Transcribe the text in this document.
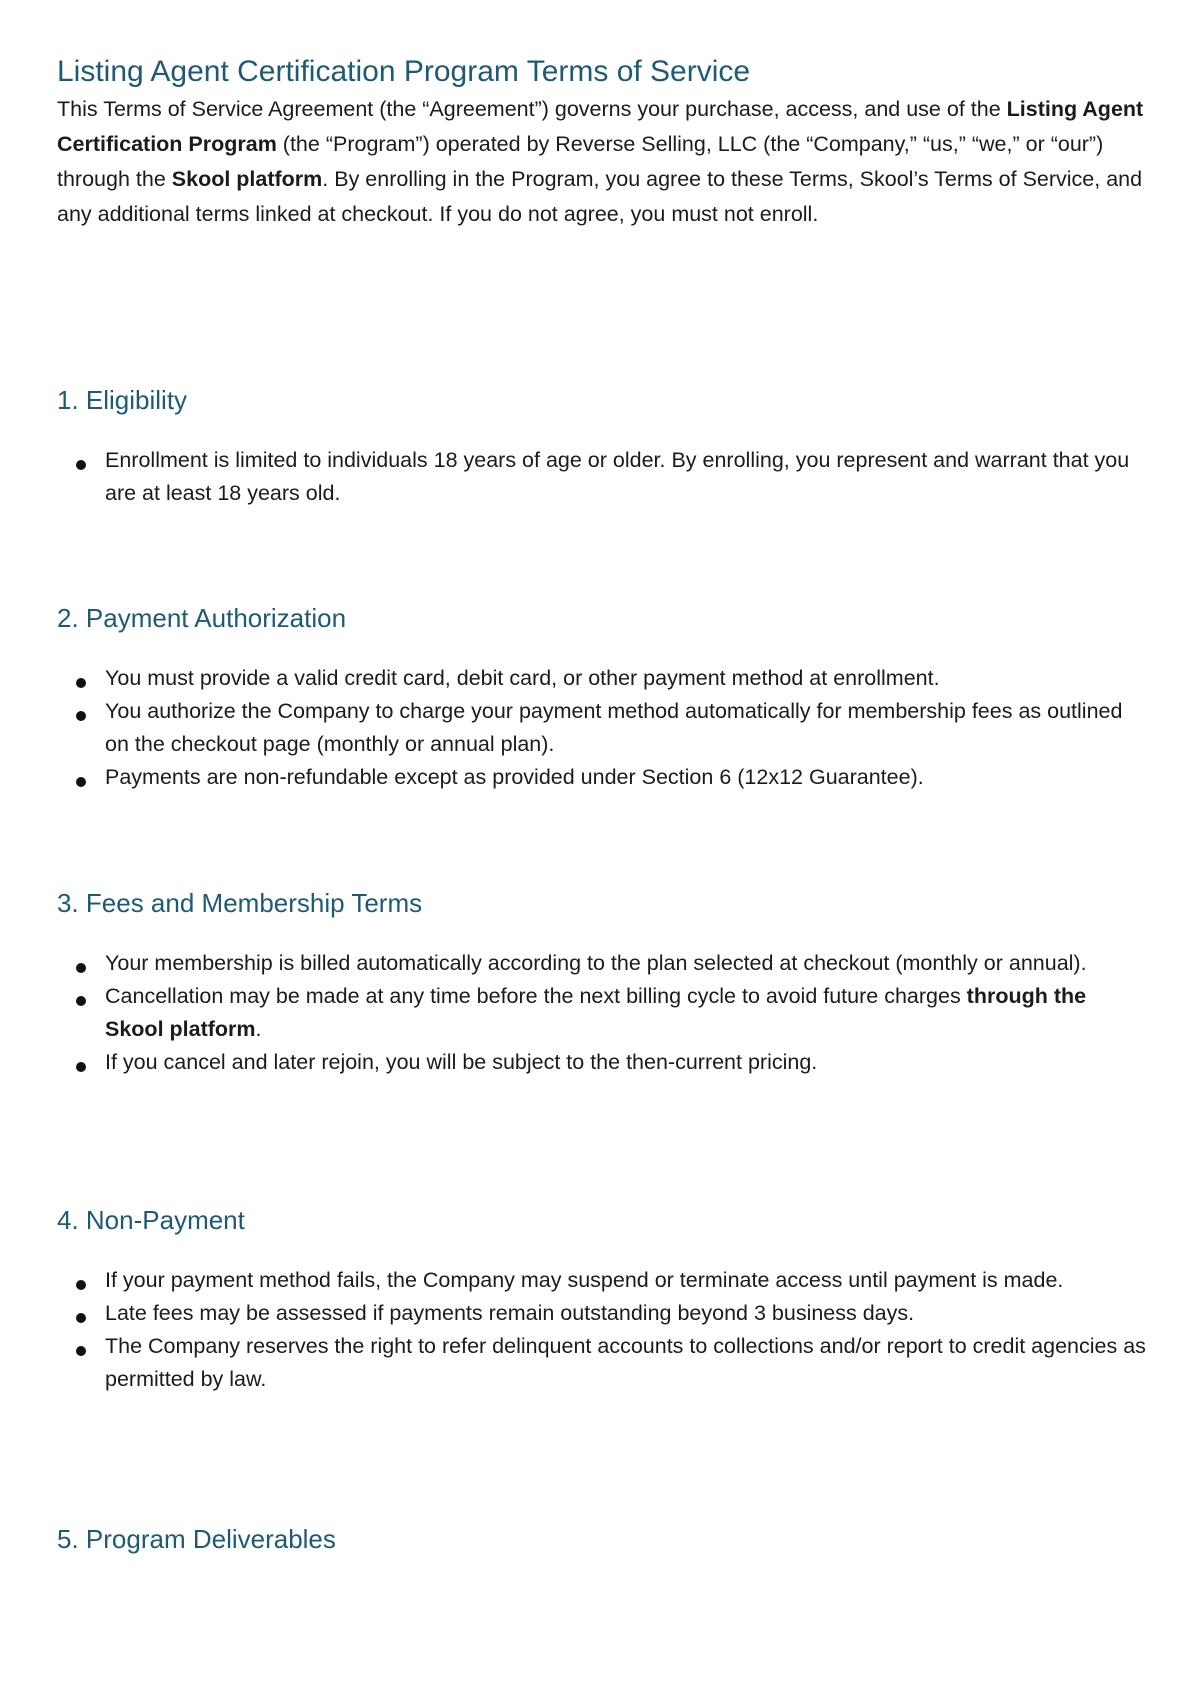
Listing Agent Certification Program Terms of Service

This Terms of Service Agreement (the “Agreement”) governs your purchase, access, and use of the Listing Agent Certification Program (the “Program”) operated by Reverse Selling, LLC (the “Company,” “us,” “we,” or “our”) through the Skool platform. By enrolling in the Program, you agree to these Terms, Skool’s Terms of Service, and any additional terms linked at checkout. If you do not agree, you must not enroll.

1. Eligibility
Enrollment is limited to individuals 18 years of age or older. By enrolling, you represent and warrant that you are at least 18 years old.
2. Payment Authorization
You must provide a valid credit card, debit card, or other payment method at enrollment.
You authorize the Company to charge your payment method automatically for membership fees as outlined on the checkout page (monthly or annual plan).
Payments are non-refundable except as provided under Section 6 (12x12 Guarantee).
3. Fees and Membership Terms
Your membership is billed automatically according to the plan selected at checkout (monthly or annual).
Cancellation may be made at any time before the next billing cycle to avoid future charges through the Skool platform.
If you cancel and later rejoin, you will be subject to the then-current pricing.
4. Non-Payment
If your payment method fails, the Company may suspend or terminate access until payment is made.
Late fees may be assessed if payments remain outstanding beyond 3 business days.
The Company reserves the right to refer delinquent accounts to collections and/or report to credit agencies as permitted by law.
5. Program Deliverables
